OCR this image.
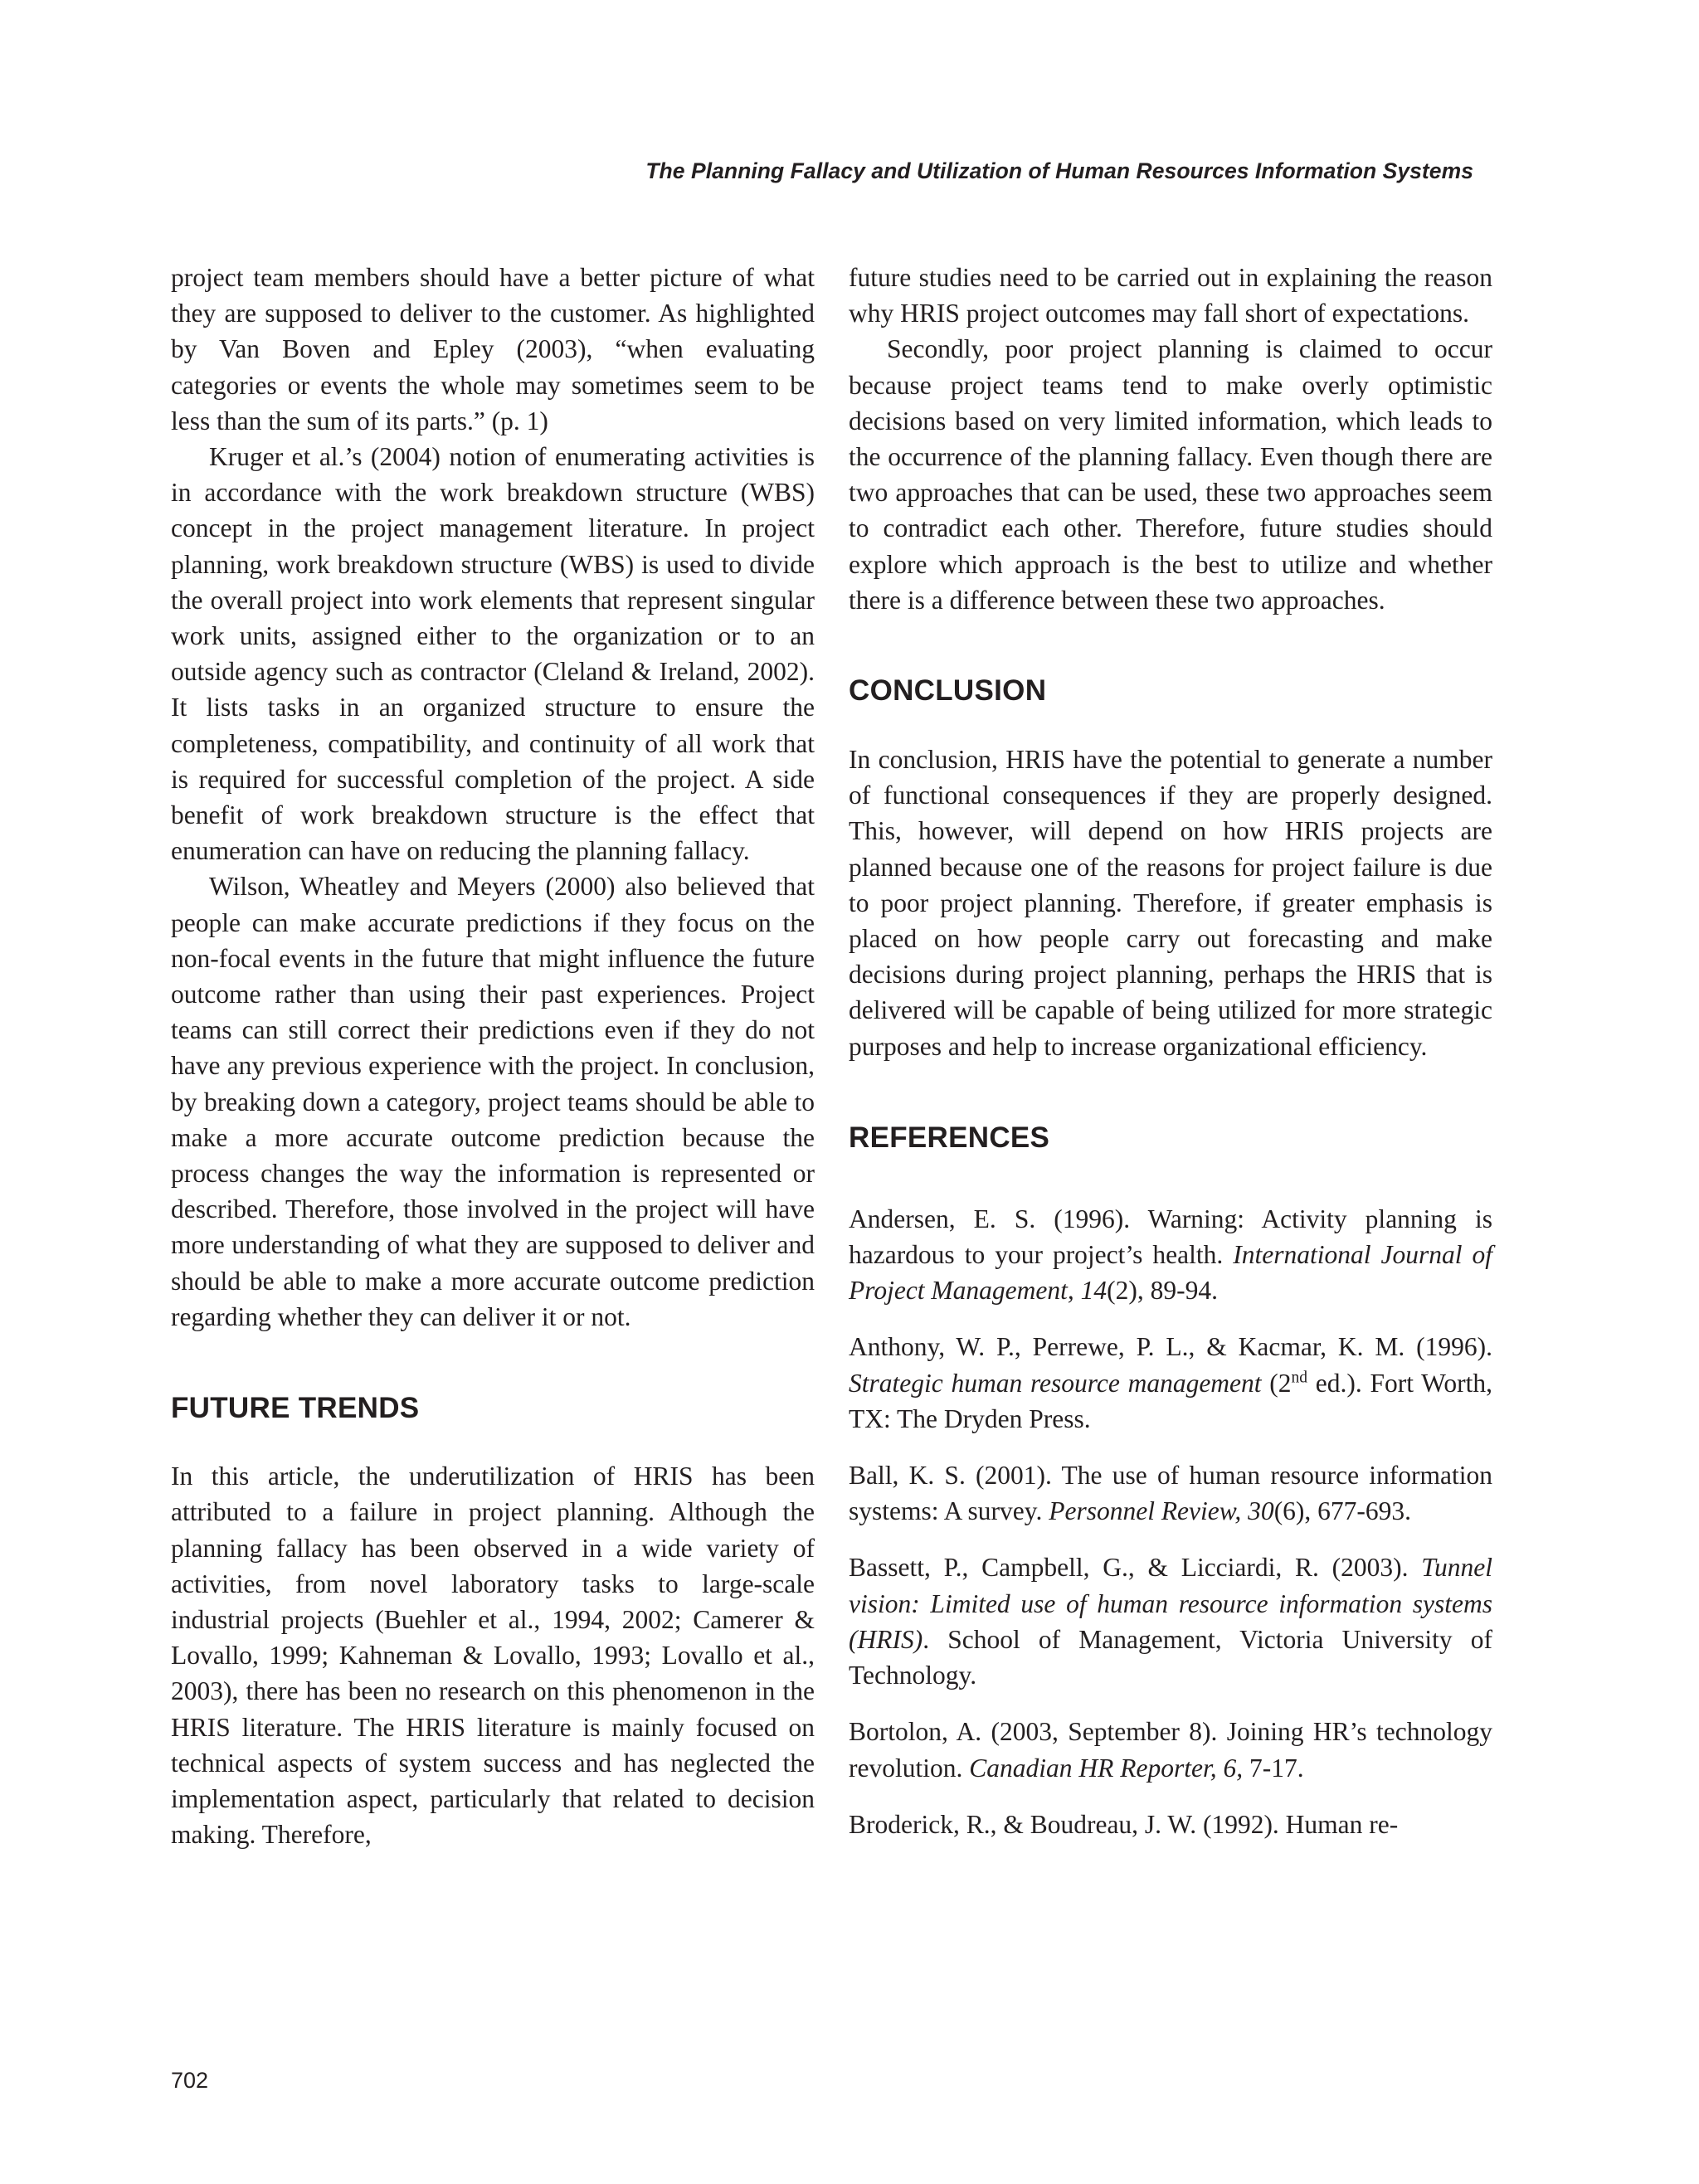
The Planning Fallacy and Utilization of Human Resources Information Systems

project team members should have a better picture of what they are supposed to deliver to the customer. As highlighted by Van Boven and Epley (2003), “when evaluating categories or events the whole may sometimes seem to be less than the sum of its parts.” (p. 1)

Kruger et al.’s (2004) notion of enumerating activities is in accordance with the work breakdown structure (WBS) concept in the project management literature. In project planning, work breakdown structure (WBS) is used to divide the overall project into work elements that represent singular work units, assigned either to the organization or to an outside agency such as contractor (Cleland & Ireland, 2002). It lists tasks in an organized structure to ensure the completeness, compatibility, and continuity of all work that is required for successful completion of the project. A side benefit of work breakdown structure is the effect that enumeration can have on reducing the planning fallacy.

Wilson, Wheatley and Meyers (2000) also believed that people can make accurate predictions if they focus on the non-focal events in the future that might influence the future outcome rather than using their past experiences. Project teams can still correct their predictions even if they do not have any previous experience with the project. In conclusion, by breaking down a category, project teams should be able to make a more accurate outcome prediction because the process changes the way the information is represented or described. Therefore, those involved in the project will have more understanding of what they are supposed to deliver and should be able to make a more accurate outcome prediction regarding whether they can deliver it or not.

FUTURE TRENDS

In this article, the underutilization of HRIS has been attributed to a failure in project planning. Although the planning fallacy has been observed in a wide variety of activities, from novel laboratory tasks to large-scale industrial projects (Buehler et al., 1994, 2002; Camerer & Lovallo, 1999; Kahneman & Lovallo, 1993; Lovallo et al., 2003), there has been no research on this phenomenon in the HRIS literature. The HRIS literature is mainly focused on technical aspects of system success and has neglected the implementation aspect, particularly that related to decision making. Therefore,

future studies need to be carried out in explaining the reason why HRIS project outcomes may fall short of expectations.

Secondly, poor project planning is claimed to occur because project teams tend to make overly optimistic decisions based on very limited information, which leads to the occurrence of the planning fallacy. Even though there are two approaches that can be used, these two approaches seem to contradict each other. Therefore, future studies should explore which approach is the best to utilize and whether there is a difference between these two approaches.

CONCLUSION

In conclusion, HRIS have the potential to generate a number of functional consequences if they are properly designed. This, however, will depend on how HRIS projects are planned because one of the reasons for project failure is due to poor project planning. Therefore, if greater emphasis is placed on how people carry out forecasting and make decisions during project planning, perhaps the HRIS that is delivered will be capable of being utilized for more strategic purposes and help to increase organizational efficiency.

REFERENCES

Andersen, E. S. (1996). Warning: Activity planning is hazardous to your project’s health. International Journal of Project Management, 14(2), 89-94.

Anthony, W. P., Perrewe, P. L., & Kacmar, K. M. (1996). Strategic human resource management (2nd ed.). Fort Worth, TX: The Dryden Press.

Ball, K. S. (2001). The use of human resource information systems: A survey. Personnel Review, 30(6), 677-693.

Bassett, P., Campbell, G., & Licciardi, R. (2003). Tunnel vision: Limited use of human resource information systems (HRIS). School of Management, Victoria University of Technology.

Bortolon, A. (2003, September 8). Joining HR’s technology revolution. Canadian HR Reporter, 6, 7-17.

Broderick, R., & Boudreau, J. W. (1992). Human re-

702
